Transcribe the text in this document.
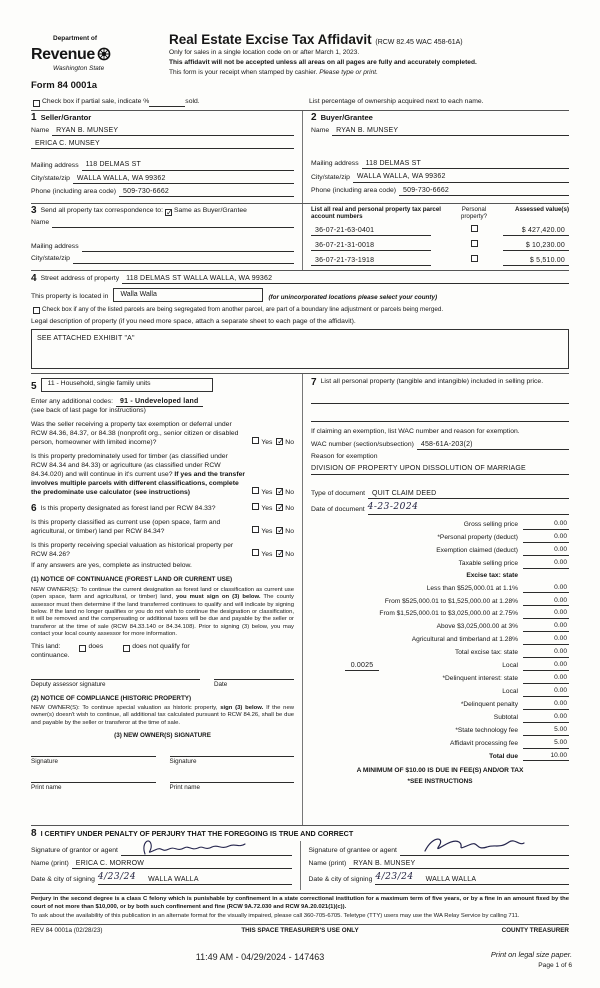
Department of
Revenue
Washington State
Form 84 0001a
Real Estate Excise Tax Affidavit (RCW 82.45 WAC 458-61A)
Only for sales in a single location code on or after March 1, 2023.
This affidavit will not be accepted unless all areas on all pages are fully and accurately completed.
This form is your receipt when stamped by cashier. Please type or print.
Check box if partial sale, indicate %	sold.	List percentage of ownership acquired next to each name.
1 Seller/Grantor
Name	RYAN B. MUNSEY
ERICA C. MUNSEY
Mailing address	118 DELMAS ST
City/state/zip	WALLA WALLA, WA 99362
Phone (including area code)	509-730-6662
2 Buyer/Grantee
Name	RYAN B. MUNSEY
Mailing address	118 DELMAS ST
City/state/zip	WALLA WALLA, WA 99362
Phone (including area code)	509-730-6662
3 Send all property tax correspondence to: ✓ Same as Buyer/Grantee
Name
Mailing address
City/state/zip
List all real and personal property tax parcel account numbers
Personal property?
Assessed value(s)
36-07-21-63-0401	$ 427,420.00
36-07-21-31-0018	$ 10,230.00
36-07-21-73-1918	$ 5,510.00
4 Street address of property	118 DELMAS ST WALLA WALLA, WA 99362
This property is located in	Walla Walla	(for unincorporated locations please select your county)
Check box if any of the listed parcels are being segregated from another parcel, are part of a boundary line adjustment or parcels being merged.
Legal description of property (if you need more space, attach a separate sheet to each page of the affidavit).
SEE ATTACHED EXHIBIT "A"
5	11 - Household, single family units
Enter any additional codes:	91 - Undeveloped land
(see back of last page for instructions)
Was the seller receiving a property tax exemption or deferral under RCW 84.36, 84.37, or 84.38 (nonprofit org., senior citizen or disabled person, homeowner with limited income)?	Yes ✓No
Is this property predominately used for timber (as classified under RCW 84.34 and 84.33) or agriculture (as classified under RCW 84.34.020) and will continue in it's current use? If yes and the transfer involves multiple parcels with different classifications, complete the predominate use calculator (see instructions)	Yes ✓No
6 Is this property designated as forest land per RCW 84.33?	Yes ✓No
Is this property classified as current use (open space, farm and agricultural, or timber) land per RCW 84.34?	Yes ✓No
Is this property receiving special valuation as historical property per RCW 84.26?	Yes ✓No
If any answers are yes, complete as instructed below.
(1) NOTICE OF CONTINUANCE (FOREST LAND OR CURRENT USE)
NEW OWNER(S): To continue the current designation as forest land or classification as current use (open space, farm and agricultural, or timber) land, you must sign on (3) below. The county assessor must then determine if the land transferred continues to qualify and will indicate by signing below. If the land no longer qualifies or you do not wish to continue the designation or classification, it will be removed and the compensating or additional taxes will be due and payable by the seller or transferor at the time of sale (RCW 84.33.140 or 84.34.108). Prior to signing (3) below, you may contact your local county assessor for more information.
This land:	does	does not qualify for
continuance.
Deputy assessor signature	Date
(2) NOTICE OF COMPLIANCE (HISTORIC PROPERTY)
NEW OWNER(S): To continue special valuation as historic property, sign (3) below. If the new owner(s) doesn't wish to continue, all additional tax calculated pursuant to RCW 84.26, shall be due and payable by the seller or transferor at the time of sale.
(3) NEW OWNER(S) SIGNATURE
Signature	Signature
Print name	Print name
7 List all personal property (tangible and intangible) included in selling price.
If claiming an exemption, list WAC number and reason for exemption.
WAC number (section/subsection)	458-61A-203(2)
Reason for exemption
DIVISION OF PROPERTY UPON DISSOLUTION OF MARRIAGE
Type of document	QUIT CLAIM DEED
Date of document 4-23-2024
Gross selling price	0.00
*Personal property (deduct)	0.00
Exemption claimed (deduct)	0.00
Taxable selling price	0.00
Excise tax: state
Less than $525,000.01 at 1.1%	0.00
From $525,000.01 to $1,525,000.00 at 1.28%	0.00
From $1,525,000.01 to $3,025,000.00 at 2.75%	0.00
Above $3,025,000.00 at 3%	0.00
Agricultural and timberland at 1.28%	0.00
Total excise tax: state	0.00
0.0025	Local	0.00
*Delinquent interest: state	0.00
Local	0.00
*Delinquent penalty	0.00
Subtotal	0.00
*State technology fee	5.00
Affidavit processing fee	5.00
Total due	10.00
A MINIMUM OF $10.00 IS DUE IN FEE(S) AND/OR TAX
*SEE INSTRUCTIONS
8 I CERTIFY UNDER PENALTY OF PERJURY THAT THE FOREGOING IS TRUE AND CORRECT
Signature of grantor or agent
Name (print)	ERICA C. MORROW
Date & city of signing 4/23/24	WALLA WALLA
Signature of grantee or agent
Name (print)	RYAN B. MUNSEY
Date & city of signing 4/23/24	WALLA WALLA
Perjury in the second degree is a class C felony which is punishable by confinement in a state correctional institution for a maximum term of five years, or by a fine in an amount fixed by the court of not more than $10,000, or by both such confinement and fine (RCW 9A.72.030 and RCW 9A.20.021(1)(c)).
To ask about the availability of this publication in an alternate format for the visually impaired, please call 360-705-6705. Teletype (TTY) users may use the WA Relay Service by calling 711.
REV 84 0001a (02/28/23)	THIS SPACE TREASURER'S USE ONLY	COUNTY TREASURER
11:49 AM - 04/29/2024 - 147463	Print on legal size paper.
Page 1 of 6
